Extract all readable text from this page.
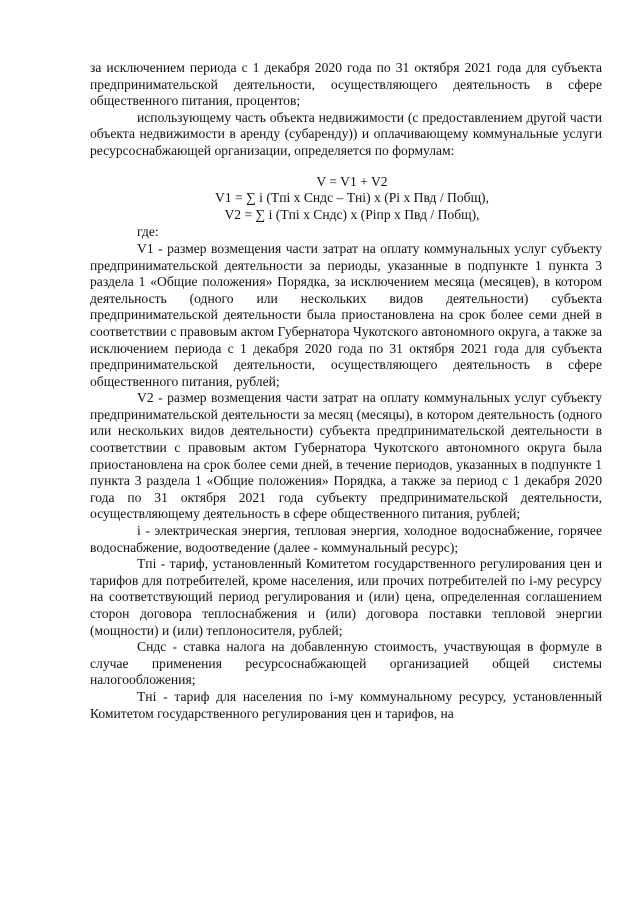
за исключением периода с 1 декабря 2020 года по 31 октября 2021 года для субъекта предпринимательской деятельности, осуществляющего деятельность в сфере общественного питания, процентов;

использующему часть объекта недвижимости (с предоставлением другой части объекта недвижимости в аренду (субаренду)) и оплачивающему коммунальные услуги ресурсоснабжающей организации, определяется по формулам:

V = V1 + V2

V1 = ∑ i (Tпi x Cндс – Tнi) x (Pi x Пвд / Побщ),

V2 = ∑ i (Tпi x Cндс) x (Piпр x Пвд / Побщ),

где:

V1 - размер возмещения части затрат на оплату коммунальных услуг субъекту предпринимательской деятельности за периоды, указанные в подпункте 1 пункта 3 раздела 1 «Общие положения» Порядка, за исключением месяца (месяцев), в котором деятельность (одного или нескольких видов деятельности) субъекта предпринимательской деятельности была приостановлена на срок более семи дней в соответствии с правовым актом Губернатора Чукотского автономного округа, а также за исключением периода с 1 декабря 2020 года по 31 октября 2021 года для субъекта предпринимательской деятельности, осуществляющего деятельность в сфере общественного питания, рублей;

V2 - размер возмещения части затрат на оплату коммунальных услуг субъекту предпринимательской деятельности за месяц (месяцы), в котором деятельность (одного или нескольких видов деятельности) субъекта предпринимательской деятельности в соответствии с правовым актом Губернатора Чукотского автономного округа была приостановлена на срок более семи дней, в течение периодов, указанных в подпункте 1 пункта 3 раздела 1 «Общие положения» Порядка, а также за период с 1 декабря 2020 года по 31 октября 2021 года субъекту предпринимательской деятельности, осуществляющему деятельность в сфере общественного питания, рублей;

i - электрическая энергия, тепловая энергия, холодное водоснабжение, горячее водоснабжение, водоотведение (далее - коммунальный ресурс);

Tпi - тариф, установленный Комитетом государственного регулирования цен и тарифов для потребителей, кроме населения, или прочих потребителей по i-му ресурсу на соответствующий период регулирования и (или) цена, определенная соглашением сторон договора теплоснабжения и (или) договора поставки тепловой энергии (мощности) и (или) теплоносителя, рублей;

Cндс - ставка налога на добавленную стоимость, участвующая в формуле в случае применения ресурсоснабжающей организацией общей системы налогообложения;

Tнi - тариф для населения по i-му коммунальному ресурсу, установленный Комитетом государственного регулирования цен и тарифов, на
